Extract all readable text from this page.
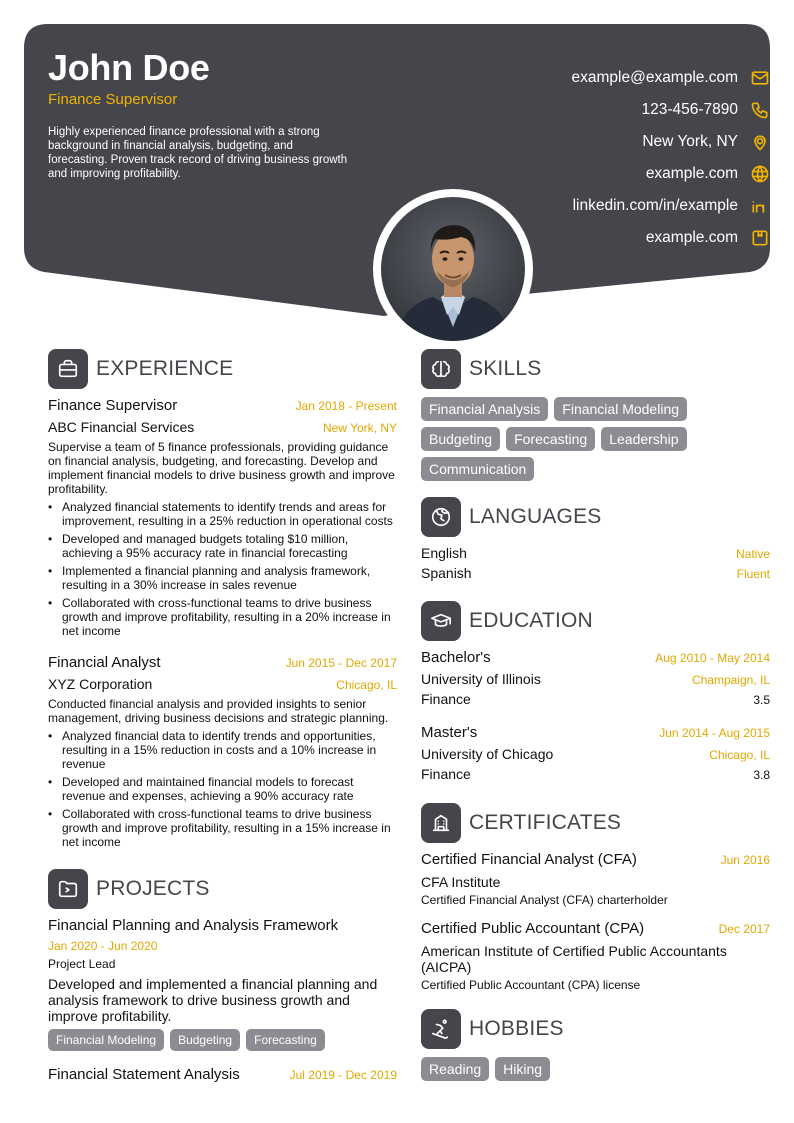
John Doe
Finance Supervisor
Highly experienced finance professional with a strong background in financial analysis, budgeting, and forecasting. Proven track record of driving business growth and improving profitability.
example@example.com
123-456-7890
New York, NY
example.com
linkedin.com/in/example
example.com
EXPERIENCE
Finance Supervisor	Jan 2018 - Present
ABC Financial Services	New York, NY
Supervise a team of 5 finance professionals, providing guidance on financial analysis, budgeting, and forecasting. Develop and implement financial models to drive business growth and improve profitability.
• Analyzed financial statements to identify trends and areas for improvement, resulting in a 25% reduction in operational costs
• Developed and managed budgets totaling $10 million, achieving a 95% accuracy rate in financial forecasting
• Implemented a financial planning and analysis framework, resulting in a 30% increase in sales revenue
• Collaborated with cross-functional teams to drive business growth and improve profitability, resulting in a 20% increase in net income
Financial Analyst	Jun 2015 - Dec 2017
XYZ Corporation	Chicago, IL
Conducted financial analysis and provided insights to senior management, driving business decisions and strategic planning.
• Analyzed financial data to identify trends and opportunities, resulting in a 15% reduction in costs and a 10% increase in revenue
• Developed and maintained financial models to forecast revenue and expenses, achieving a 90% accuracy rate
• Collaborated with cross-functional teams to drive business growth and improve profitability, resulting in a 15% increase in net income
PROJECTS
Financial Planning and Analysis Framework
Jan 2020 - Jun 2020
Project Lead
Developed and implemented a financial planning and analysis framework to drive business growth and improve profitability.
Financial Modeling	Budgeting	Forecasting
Financial Statement Analysis	Jul 2019 - Dec 2019
SKILLS
Financial Analysis	Financial Modeling
Budgeting	Forecasting	Leadership
Communication
LANGUAGES
English	Native
Spanish	Fluent
EDUCATION
Bachelor's	Aug 2010 - May 2014
University of Illinois	Champaign, IL
Finance	3.5
Master's	Jun 2014 - Aug 2015
University of Chicago	Chicago, IL
Finance	3.8
CERTIFICATES
Certified Financial Analyst (CFA)	Jun 2016
CFA Institute
Certified Financial Analyst (CFA) charterholder
Certified Public Accountant (CPA)	Dec 2017
American Institute of Certified Public Accountants (AICPA)
Certified Public Accountant (CPA) license
HOBBIES
Reading	Hiking
